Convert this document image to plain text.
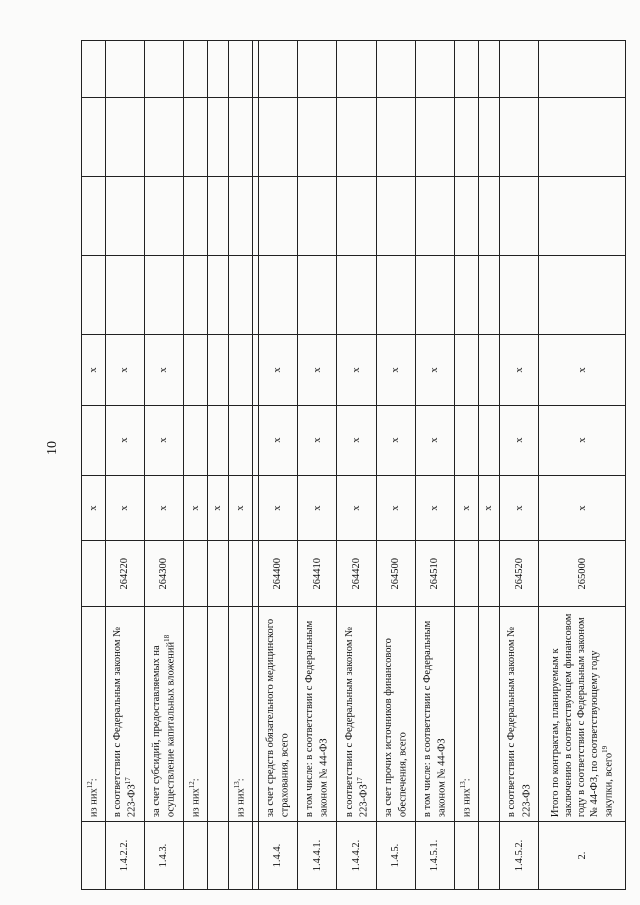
10
	из них$^{12}$:		x		x				
1.4.2.2.	в соответствии с Федеральным законом № 223-ФЗ$^{17}$	264220	x	x	x				
1.4.3.	за счет субсидий, предоставляемых на осуществление капитальных вложений$^{18}$	264300	x	x	x				
	из них$^{12}$:		x						
			x						
	из них$^{13}$:		x						

1.4.4.	за счет средств обязательного медицинского страхования, всего	264400	x	x	x				
1.4.4.1.	в том числе: в соответствии с Федеральным законом № 44-ФЗ	264410	x	x	x				
1.4.4.2.	в соответствии с Федеральным законом № 223-ФЗ$^{17}$	264420	x	x	x				
1.4.5.	за счет прочих источников финансового обеспечения, всего	264500	x	x	x				
1.4.5.1.	в том числе: в соответствии с Федеральным законом № 44-ФЗ	264510	x	x	x				
	из них$^{13}$:		x						
			x						
1.4.5.2.	в соответствии с Федеральным законом № 223-ФЗ	264520	x	x	x				
2.	Итого по контрактам, планируемым к заключению в соответствующем финансовом году в соответствии с Федеральным законом № 44-ФЗ, по соответствующему году закупки, всего$^{19}$	265000	x	x	x				
